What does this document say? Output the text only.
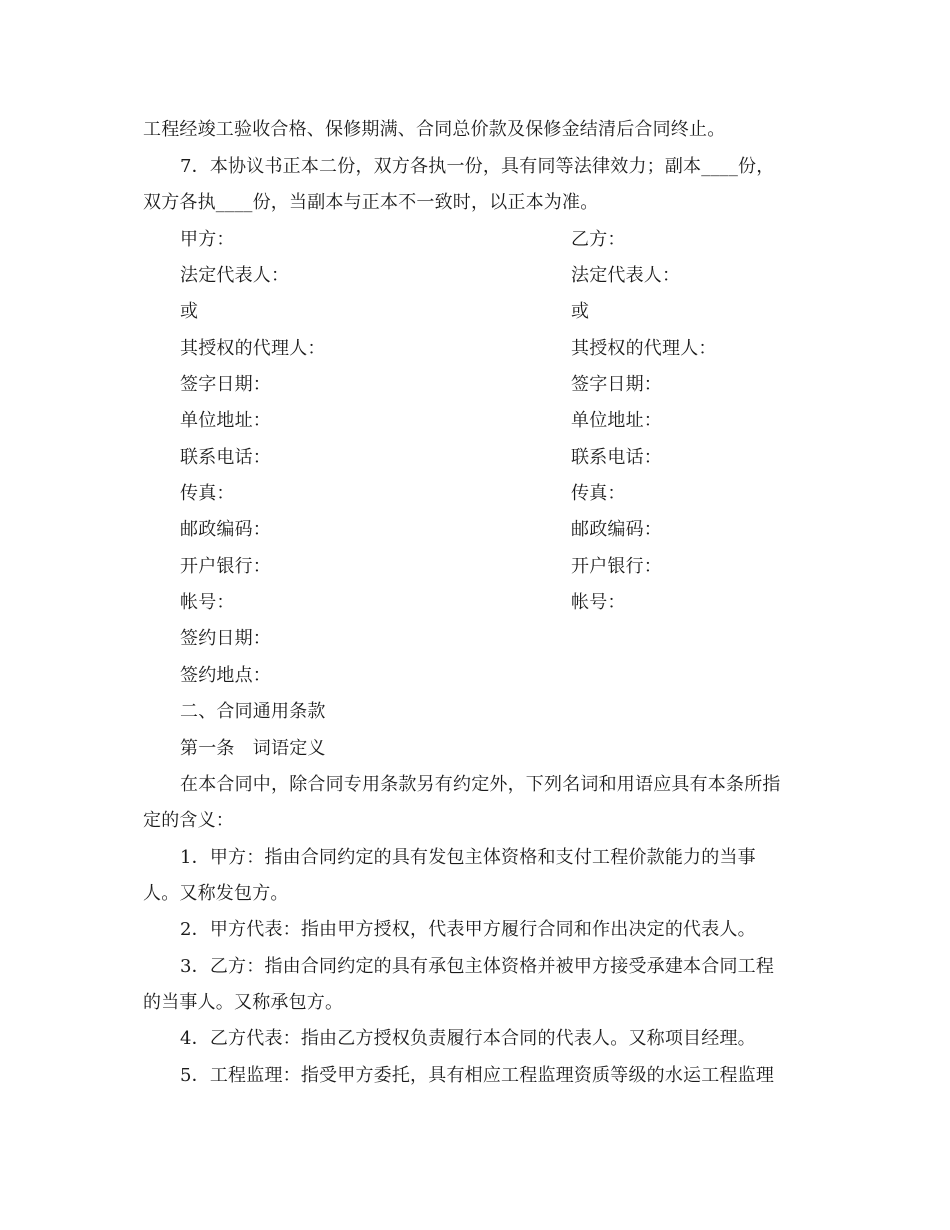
工程经竣工验收合格、保修期满、合同总价款及保修金结清后合同终止。
7．本协议书正本二份，双方各执一份，具有同等法律效力；副本____份，
双方各执____份，当副本与正本不一致时，以正本为准。
甲方：
法定代表人：
或
其授权的代理人：
签字日期：
单位地址：
联系电话：
传真：
邮政编码：
开户银行：
帐号：
乙方：
法定代表人：
或
其授权的代理人：
签字日期：
单位地址：
联系电话：
传真：
邮政编码：
开户银行：
帐号：
签约日期：
签约地点：
二、合同通用条款
第一条　词语定义
在本合同中，除合同专用条款另有约定外，下列名词和用语应具有本条所指
定的含义：
1．甲方：指由合同约定的具有发包主体资格和支付工程价款能力的当事
人。又称发包方。
2．甲方代表：指由甲方授权，代表甲方履行合同和作出决定的代表人。
3．乙方：指由合同约定的具有承包主体资格并被甲方接受承建本合同工程
的当事人。又称承包方。
4．乙方代表：指由乙方授权负责履行本合同的代表人。又称项目经理。
5．工程监理：指受甲方委托，具有相应工程监理资质等级的水运工程监理
